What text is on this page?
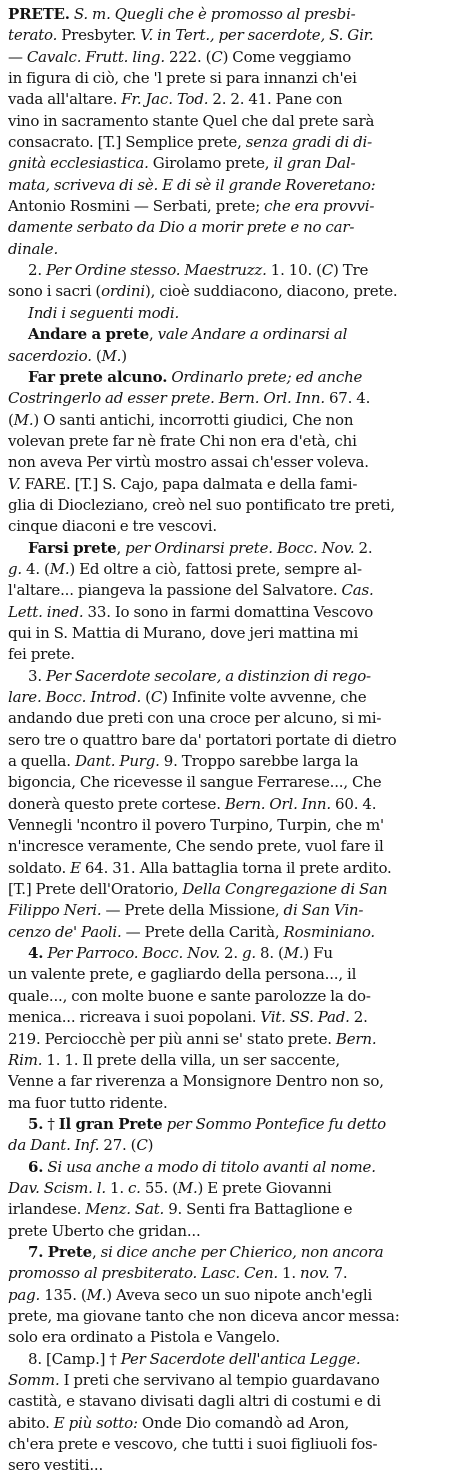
PRETE. S. m. Quegli che è promosso al presbi-
terato. Presbyter. V. in Tert., per sacerdote, S. Gir.
— Cavalc. Frutt. ling. 222. (C) Come veggiamo
in figura di ciò, che 'l prete si para innanzi ch'ei
vada all'altare. Fr. Jac. Tod. 2. 2. 41. Pane con
vino in sacramento stante Quel che dal prete sarà
consacrato. [T.] Semplice prete, senza gradi di di-
gnità ecclesiastica. Girolamo prete, il gran Dal-
mata, scriveva di sè. E di sè il grande Roveretano:
Antonio Rosmini — Serbati, prete; che era provvi-
damente serbato da Dio a morir prete e no car-
dinale.
2. Per Ordine stesso. Maestruzz. 1. 10. (C) Tre
sono i sacri (ordini), cioè suddiacono, diacono, prete.
Indi i seguenti modi.
Andare a prete, vale Andare a ordinarsi al
sacerdozio. (M.)
Far prete alcuno. Ordinarlo prete; ed anche
Costringerlo ad esser prete. Bern. Orl. Inn. 67. 4.
(M.) O santi antichi, incorrotti giudici, Che non
volevan prete far nè frate Chi non era d'età, chi
non aveva Per virtù mostro assai ch'esser voleva.
V. FARE. [T.] S. Cajo, papa dalmata e della fami-
glia di Diocleziano, creò nel suo pontificato tre preti,
cinque diaconi e tre vescovi.
Farsi prete, per Ordinarsi prete. Bocc. Nov. 2.
g. 4. (M.) Ed oltre a ciò, fattosi prete, sempre al-
l'altare... piangeva la passione del Salvatore. Cas.
Lett. ined. 33. Io sono in farmi domattina Vescovo
qui in S. Mattia di Murano, dove jeri mattina mi
fei prete.
3. Per Sacerdote secolare, a distinzion di rego-
lare. Bocc. Introd. (C) Infinite volte avvenne, che
andando due preti con una croce per alcuno, si mi-
sero tre o quattro bare da' portatori portate di dietro
a quella. Dant. Purg. 9. Troppo sarebbe larga la
bigoncia, Che ricevesse il sangue Ferrarese..., Che
donerà questo prete cortese. Bern. Orl. Inn. 60. 4.
Vennegli 'ncontro il povero Turpino, Turpin, che m'
n'increscе veramente, Che sendo prete, vuol fare il
soldato. E 64. 31. Alla battaglia torna il prete ardito.
[T.] Prete dell'Oratorio, Della Congregazione di San
Filippo Neri. — Prete della Missione, di San Vin-
cenzo de' Paoli. — Prete della Carità, Rosminiano.
4. Per Parroco. Bocc. Nov. 2. g. 8. (M.) Fu
un valente prete, e gagliardo della persona..., il
quale..., con molte buone e sante parolozze la do-
menica... ricreava i suoi popolani. Vit. SS. Pad. 2.
219. Perciocchè per più anni se' stato prete. Bern.
Rim. 1. 1. Il prete della villa, un ser saccente,
Venne a far riverenza a Monsignore Dentro non so,
ma fuor tutto ridente.
5. † Il gran Prete per Sommo Pontefice fu detto
da Dant. Inf. 27. (C)
6. Si usa anche a modo di titolo avanti al nome.
Dav. Scism. l. 1. c. 55. (M.) E prete Giovanni
irlandese. Menz. Sat. 9. Senti fra Battaglione e
prete Uberto che gridan...
7. Prete, si dice anche per Chierico, non ancora
promosso al presbiterato. Lasc. Cen. 1. nov. 7.
pag. 135. (M.) Aveva seco un suo nipote anch'egli
prete, ma giovane tanto che non diceva ancor messa:
solo era ordinato a Pistola e Vangelo.
8. [Camp.] † Per Sacerdote dell'antica Legge.
Somm. I preti che servivano al tempio guardavano
castità, e stavano divisati dagli altri di costumi e di
abito. E più sotto: Onde Dio comandò ad Aron,
ch'era prete e vescovo, che tutti i suoi figliuoli fos-
sero vestiti...
